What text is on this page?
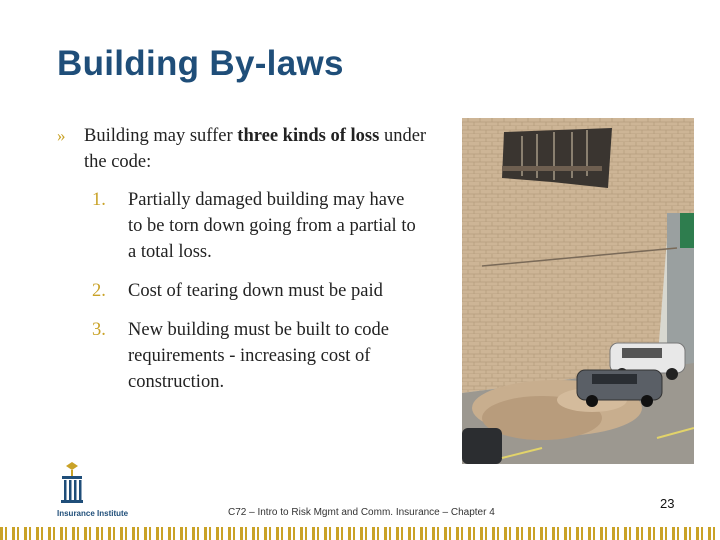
Building By-laws
» Building may suffer three kinds of loss under the code:
1. Partially damaged building may have to be torn down going from a partial to a total loss.
2. Cost of tearing down must be paid
3. New building must be built to code requirements - increasing cost of construction.
Insurance Institute	C72 – Intro to Risk Mgmt and Comm. Insurance – Chapter 4
23
